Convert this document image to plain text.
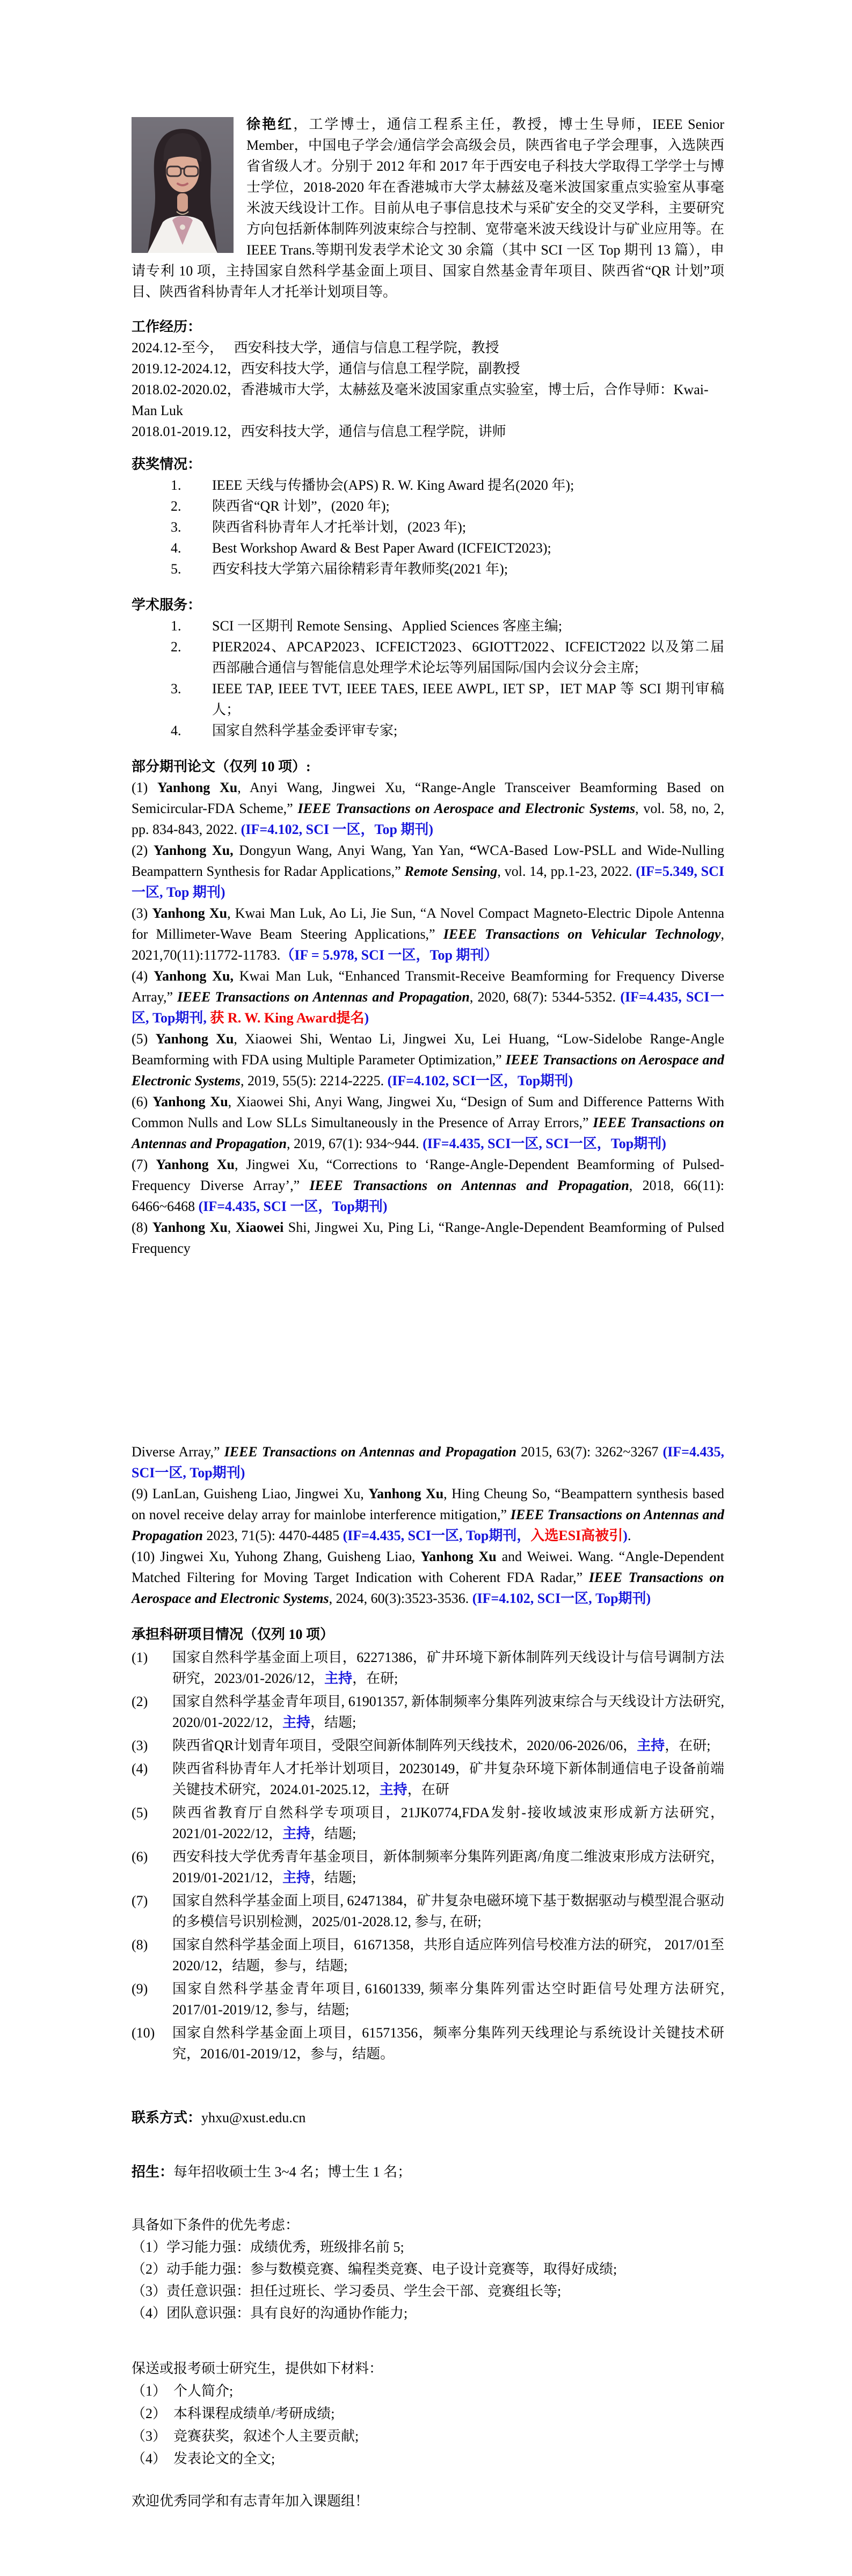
徐艳红，工学博士，通信工程系主任，教授，博士生导师，IEEE Senior Member，中国电子学会/通信学会高级会员，陕西省电子学会理事，入选陕西省省级人才。分别于 2012 年和 2017 年于西安电子科技大学取得工学学士与博士学位，2018-2020 年在香港城市大学太赫兹及毫米波国家重点实验室从事毫米波天线设计工作。目前从电子事信息技术与采矿安全的交叉学科，主要研究方向包括新体制阵列波束综合与控制、宽带毫米波天线设计与矿业应用等。在 IEEE Trans.等期刊发表学术论文 30 余篇（其中 SCI 一区 Top 期刊 13 篇），申请专利 10 项，主持国家自然科学基金面上项目、国家自然基金青年项目、陕西省“QR 计划”项目、陕西省科协青年人才托举计划项目等。

工作经历：
2024.12-至今，　 西安科技大学，通信与信息工程学院，教授
2019.12-2024.12，西安科技大学，通信与信息工程学院，副教授
2018.02-2020.02，香港城市大学，太赫兹及毫米波国家重点实验室，博士后，合作导师：Kwai-Man Luk
2018.01-2019.12，西安科技大学，通信与信息工程学院，讲师
获奖情况：
1.	IEEE 天线与传播协会(APS) R. W. King Award 提名(2020 年);
2.	陕西省“QR 计划”，(2020 年);
3.	陕西省科协青年人才托举计划，(2023 年);
4.	Best Workshop Award & Best Paper Award (ICFEICT2023);
5.	西安科技大学第六届徐精彩青年教师奖(2021 年);
学术服务：
1.	SCI 一区期刊 Remote Sensing、Applied Sciences 客座主编;
2.	PIER2024、APCAP2023、ICFEICT2023、6GIOTT2022、ICFEICT2022 以及第二届西部融合通信与智能信息处理学术论坛等列届国际/国内会议分会主席;
3.	IEEE TAP, IEEE TVT, IEEE TAES, IEEE AWPL, IET SP，IET MAP 等 SCI 期刊审稿人；
4.	国家自然科学基金委评审专家;
部分期刊论文（仅列 10 项）:

(1) Yanhong Xu, Anyi Wang, Jingwei Xu, “Range-Angle Transceiver Beamforming Based on Semicircular-FDA Scheme,” IEEE Transactions on Aerospace and Electronic Systems, vol. 58, no, 2, pp. 834-843, 2022. (IF=4.102, SCI 一区，Top 期刊)

(2) Yanhong Xu, Dongyun Wang, Anyi Wang, Yan Yan, “WCA-Based Low-PSLL and Wide-Nulling Beampattern Synthesis for Radar Applications,” Remote Sensing, vol. 14, pp.1-23, 2022. (IF=5.349, SCI 一区, Top 期刊)

(3) Yanhong Xu, Kwai Man Luk, Ao Li, Jie Sun, “A Novel Compact Magneto-Electric Dipole Antenna for Millimeter-Wave Beam Steering Applications,” IEEE Transactions on Vehicular Technology, 2021,70(11):11772-11783.（IF = 5.978, SCI 一区，Top 期刊）

(4) Yanhong Xu, Kwai Man Luk, “Enhanced Transmit-Receive Beamforming for Frequency Diverse Array,” IEEE Transactions on Antennas and Propagation, 2020, 68(7): 5344-5352. (IF=4.435, SCI一区, Top期刊, 获 R. W. King Award提名)

(5) Yanhong Xu, Xiaowei Shi, Wentao Li, Jingwei Xu, Lei Huang, “Low-Sidelobe Range-Angle Beamforming with FDA using Multiple Parameter Optimization,” IEEE Transactions on Aerospace and Electronic Systems, 2019, 55(5): 2214-2225. (IF=4.102, SCI一区，Top期刊)

(6) Yanhong Xu, Xiaowei Shi, Anyi Wang, Jingwei Xu, “Design of Sum and Difference Patterns With Common Nulls and Low SLLs Simultaneously in the Presence of Array Errors,” IEEE Transactions on Antennas and Propagation, 2019, 67(1): 934~944. (IF=4.435, SCI一区, SCI一区，Top期刊)

(7) Yanhong Xu, Jingwei Xu, “Corrections to ‘Range-Angle-Dependent Beamforming of Pulsed-Frequency Diverse Array’,” IEEE Transactions on Antennas and Propagation, 2018, 66(11): 6466~6468 (IF=4.435, SCI 一区，Top期刊)

(8) Yanhong Xu, Xiaowei Shi, Jingwei Xu, Ping Li, “Range-Angle-Dependent Beamforming of Pulsed Frequency

Diverse Array,” IEEE Transactions on Antennas and Propagation 2015, 63(7): 3262~3267 (IF=4.435, SCI一区, Top期刊)

(9) LanLan, Guisheng Liao, Jingwei Xu, Yanhong Xu, Hing Cheung So, “Beampattern synthesis based on novel receive delay array for mainlobe interference mitigation,” IEEE Transactions on Antennas and Propagation 2023, 71(5): 4470-4485 (IF=4.435, SCI一区, Top期刊，入选ESI高被引).

(10) Jingwei Xu, Yuhong Zhang, Guisheng Liao, Yanhong Xu and Weiwei. Wang. “Angle-Dependent Matched Filtering for Moving Target Indication with Coherent FDA Radar,” IEEE Transactions on Aerospace and Electronic Systems, 2024, 60(3):3523-3536. (IF=4.102, SCI一区, Top期刊)

承担科研项目情况（仅列 10 项）
(1)	国家自然科学基金面上项目，62271386，矿井环境下新体制阵列天线设计与信号调制方法研究，2023/01-2026/12，主持，在研;
(2)	国家自然科学基金青年项目, 61901357, 新体制频率分集阵列波束综合与天线设计方法研究, 2020/01-2022/12，主持，结题;
(3)	陕西省QR计划青年项目，受限空间新体制阵列天线技术，2020/06-2026/06，主持，在研;
(4)	陕西省科协青年人才托举计划项目，20230149，矿井复杂环境下新体制通信电子设备前端关键技术研究，2024.01-2025.12，主持，在研
(5)	陕西省教育厅自然科学专项项目，21JK0774,FDA发射-接收域波束形成新方法研究，2021/01-2022/12，主持，结题;
(6)	西安科技大学优秀青年基金项目，新体制频率分集阵列距离/角度二维波束形成方法研究，2019/01-2021/12，主持，结题;
(7)	国家自然科学基金面上项目, 62471384，矿井复杂电磁环境下基于数据驱动与模型混合驱动的多模信号识别检测，2025/01-2028.12, 参与, 在研;
(8)	国家自然科学基金面上项目，61671358，共形自适应阵列信号校准方法的研究， 2017/01至2020/12，结题，参与，结题;
(9)	国家自然科学基金青年项目, 61601339, 频率分集阵列雷达空时距信号处理方法研究, 2017/01-2019/12, 参与，结题;
(10)	国家自然科学基金面上项目，61571356，频率分集阵列天线理论与系统设计关键技术研究，2016/01-2019/12，参与，结题。

联系方式：yhxu@xust.edu.cn

招生：每年招收硕士生 3~4 名；博士生 1 名；

具备如下条件的优先考虑：

（1）学习能力强：成绩优秀，班级排名前 5;
（2）动手能力强：参与数模竞赛、编程类竞赛、电子设计竞赛等，取得好成绩;
（3）责任意识强：担任过班长、学习委员、学生会干部、竞赛组长等;
（4）团队意识强：具有良好的沟通协作能力;

保送或报考硕士研究生，提供如下材料：

（1）　个人简介;
（2）　本科课程成绩单/考研成绩;
（3）　竞赛获奖，叙述个人主要贡献;
（4）　发表论文的全文;

欢迎优秀同学和有志青年加入课题组！
